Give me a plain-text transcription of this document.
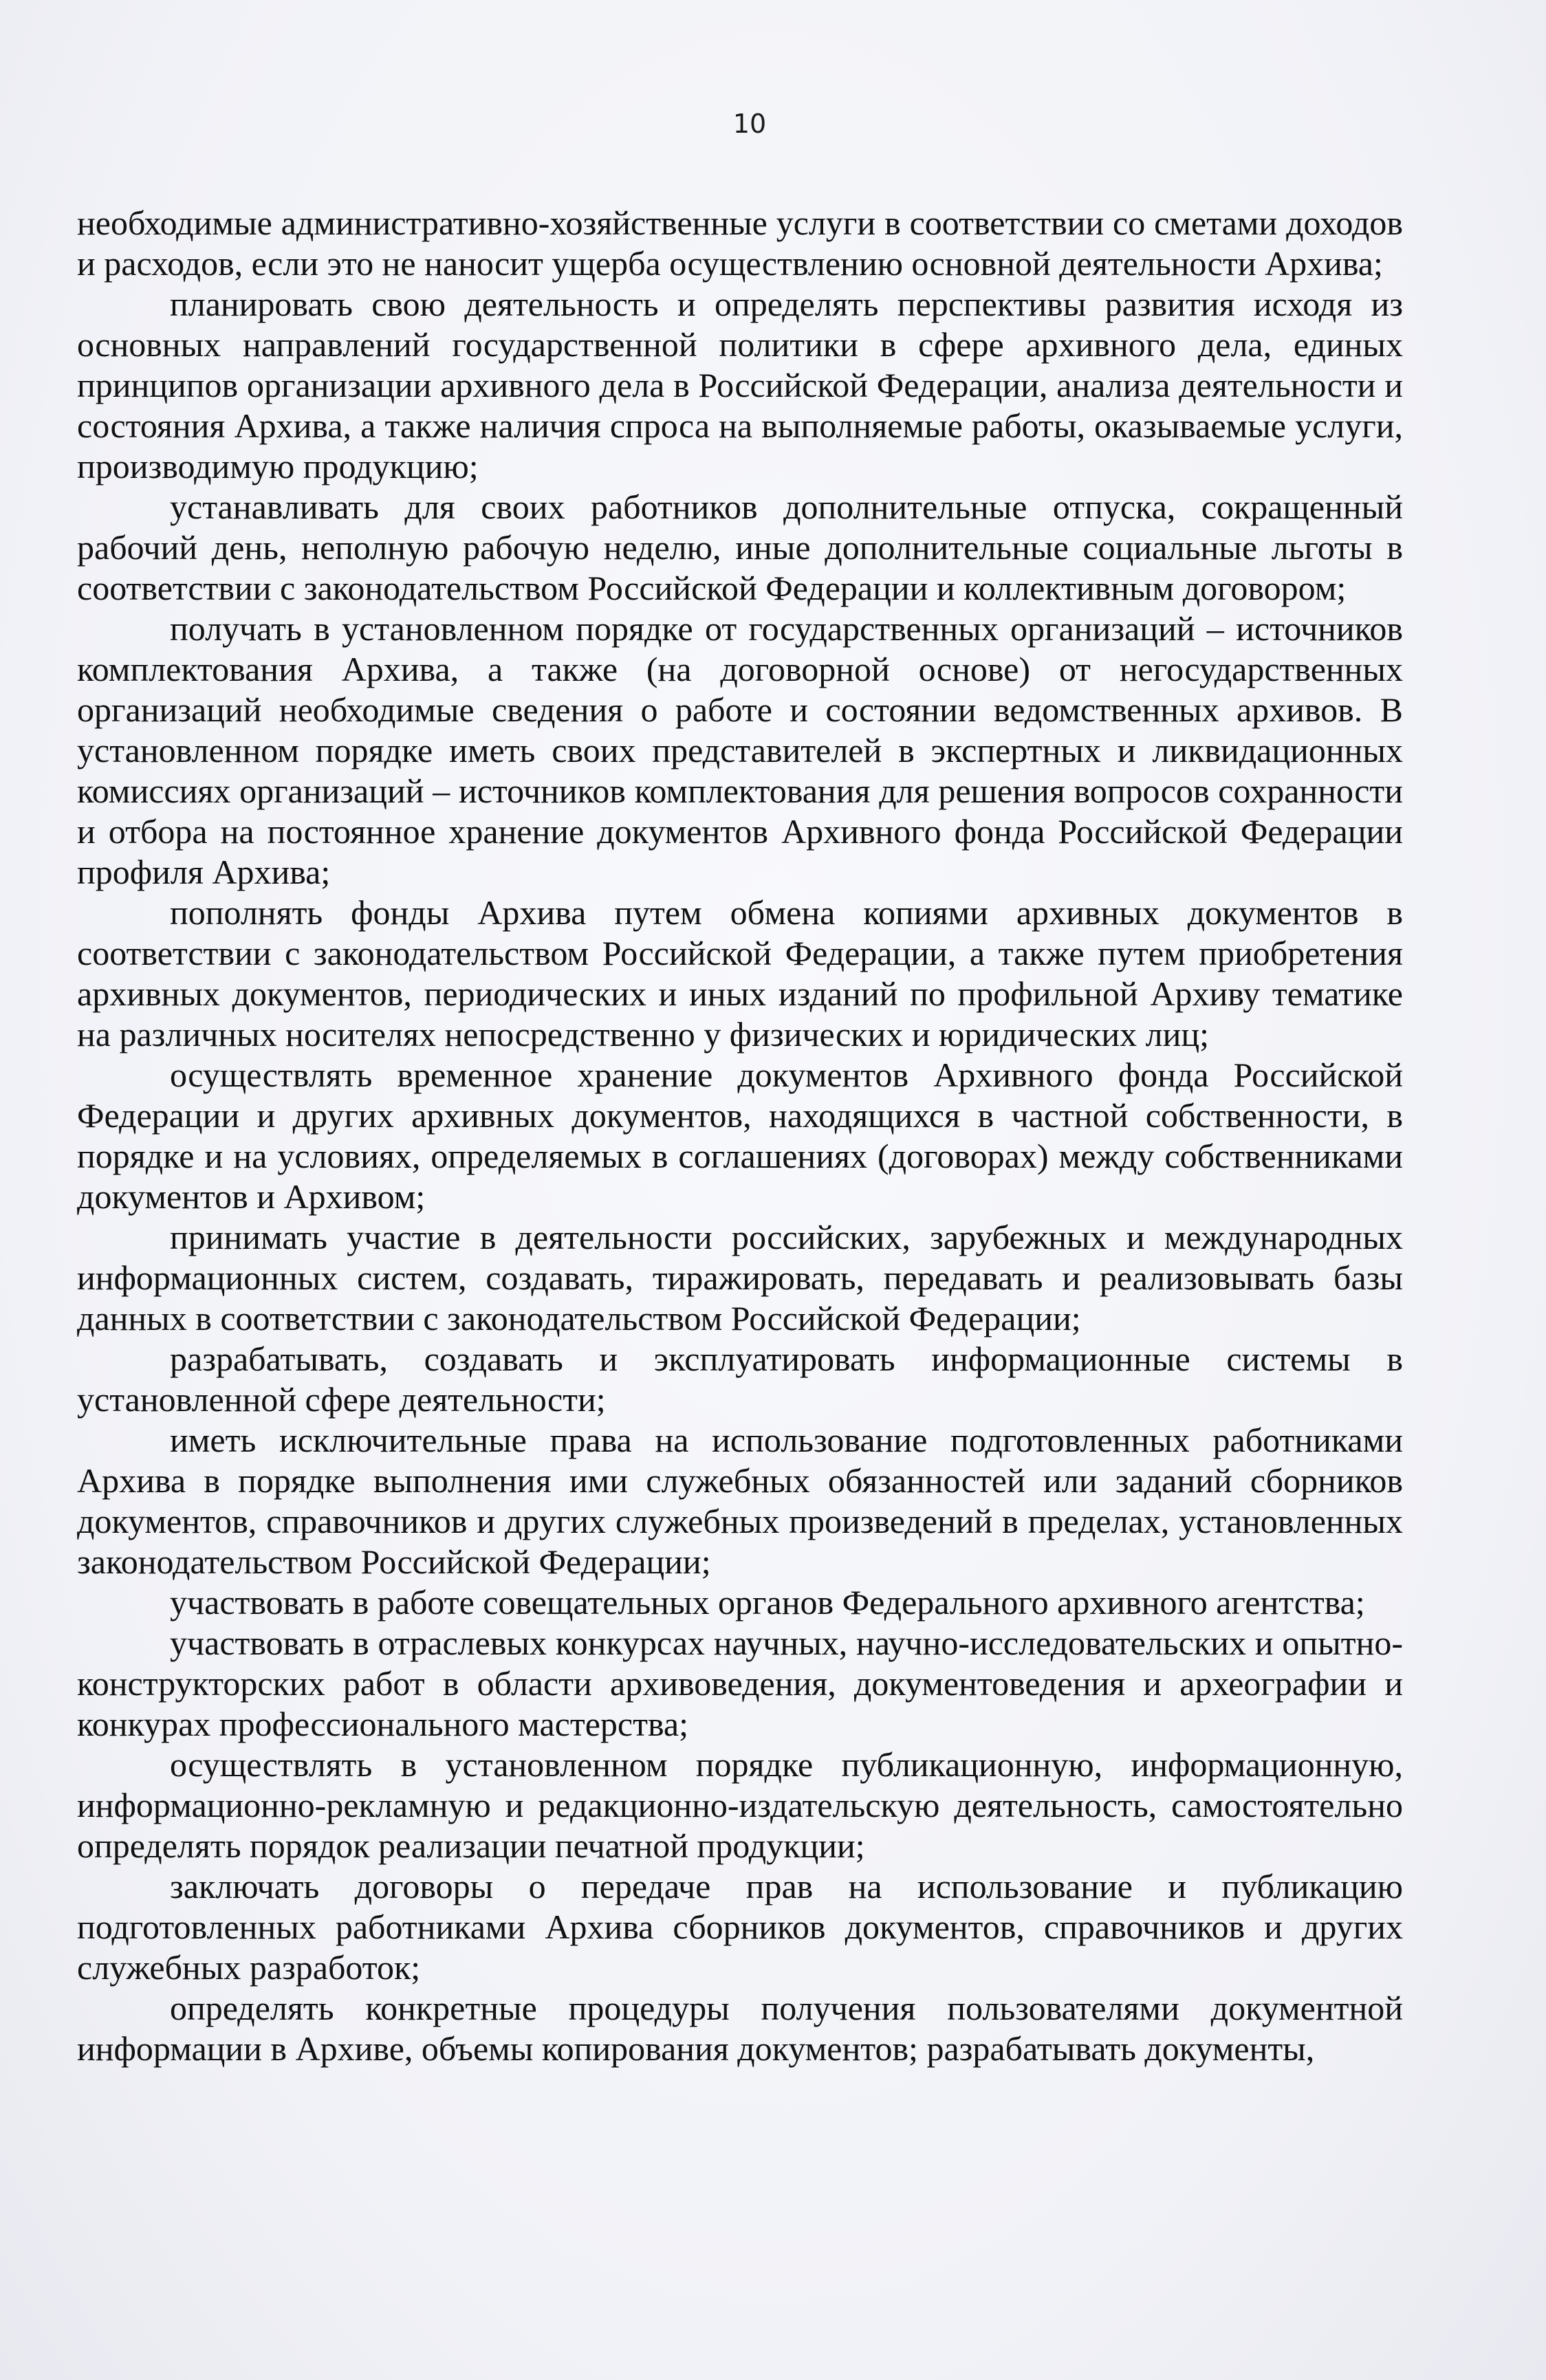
10

необходимые административно-хозяйственные услуги в соответствии со сметами доходов и расходов, если это не наносит ущерба осуществлению основной деятельности Архива;

планировать свою деятельность и определять перспективы развития исходя из основных направлений государственной политики в сфере архивного дела, единых принципов организации архивного дела в Российской Федерации, анализа деятельности и состояния Архива, а также наличия спроса на выполняемые работы, оказываемые услуги, производимую продукцию;

устанавливать для своих работников дополнительные отпуска, сокращенный рабочий день, неполную рабочую неделю, иные дополнительные социальные льготы в соответствии с законодательством Российской Федерации и коллективным договором;

получать в установленном порядке от государственных организаций – источников комплектования Архива, а также (на договорной основе) от негосударственных организаций необходимые сведения о работе и состоянии ведомственных архивов. В установленном порядке иметь своих представителей в экспертных и ликвидационных комиссиях организаций – источников комплектования для решения вопросов сохранности и отбора на постоянное хранение документов Архивного фонда Российской Федерации профиля Архива;

пополнять фонды Архива путем обмена копиями архивных документов в соответствии с законодательством Российской Федерации, а также путем приобретения архивных документов, периодических и иных изданий по профильной Архиву тематике на различных носителях непосредственно у физических и юридических лиц;

осуществлять временное хранение документов Архивного фонда Российской Федерации и других архивных документов, находящихся в частной собственности, в порядке и на условиях, определяемых в соглашениях (договорах) между собственниками документов и Архивом;

принимать участие в деятельности российских, зарубежных и международных информационных систем, создавать, тиражировать, передавать и реализовывать базы данных в соответствии с законодательством Российской Федерации;

разрабатывать, создавать и эксплуатировать информационные системы в установленной сфере деятельности;

иметь исключительные права на использование подготовленных работниками Архива в порядке выполнения ими служебных обязанностей или заданий сборников документов, справочников и других служебных произведений в пределах, установленных законодательством Российской Федерации;

участвовать в работе совещательных органов Федерального архивного агентства;

участвовать в отраслевых конкурсах научных, научно-исследовательских и опытно-конструкторских работ в области архивоведения, документоведения и археографии и конкурах профессионального мастерства;

осуществлять в установленном порядке публикационную, информационную, информационно-рекламную и редакционно-издательскую деятельность, самостоятельно определять порядок реализации печатной продукции;

заключать договоры о передаче прав на использование и публикацию подготовленных работниками Архива сборников документов, справочников и других служебных разработок;

определять конкретные процедуры получения пользователями документной информации в Архиве, объемы копирования документов; разрабатывать документы,
